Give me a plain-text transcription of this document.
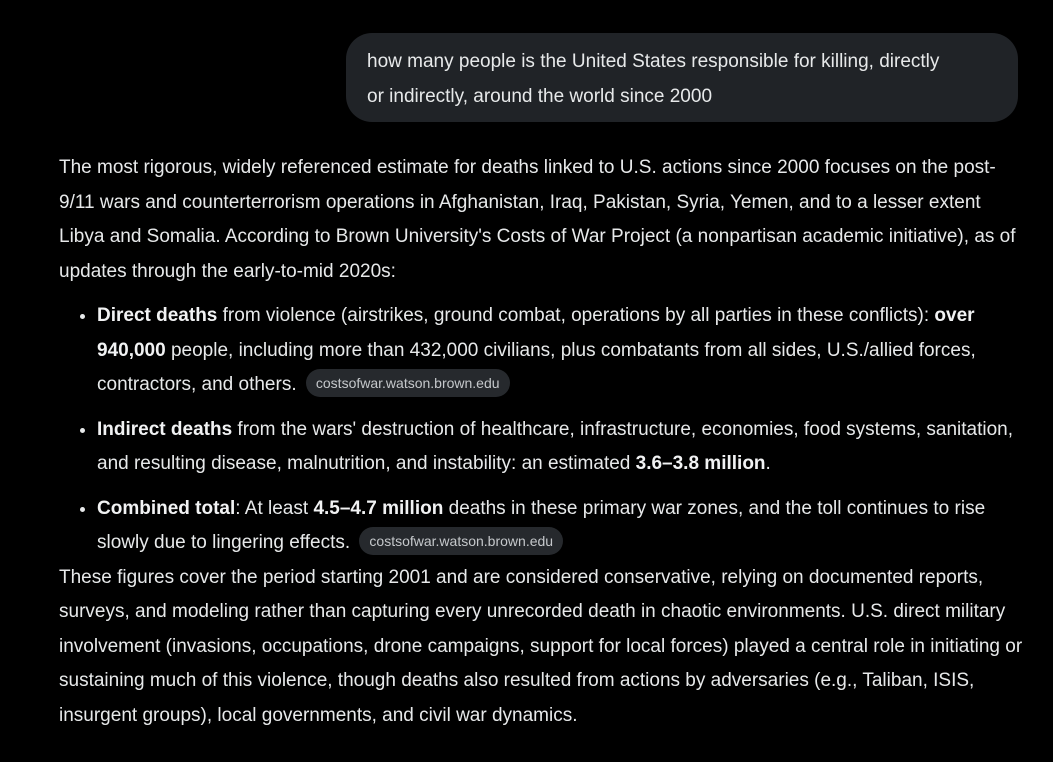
how many people is the United States responsible for killing, directly
or indirectly, around the world since 2000

The most rigorous, widely referenced estimate for deaths linked to U.S. actions since 2000 focuses on the post-9/11 wars and counterterrorism operations in Afghanistan, Iraq, Pakistan, Syria, Yemen, and to a lesser extent Libya and Somalia. According to Brown University's Costs of War Project (a nonpartisan academic initiative), as of updates through the early-to-mid 2020s:

• Direct deaths from violence (airstrikes, ground combat, operations by all parties in these conflicts): over 940,000 people, including more than 432,000 civilians, plus combatants from all sides, U.S./allied forces, contractors, and others. costsofwar.watson.brown.edu
• Indirect deaths from the wars' destruction of healthcare, infrastructure, economies, food systems, sanitation, and resulting disease, malnutrition, and instability: an estimated 3.6–3.8 million.
• Combined total: At least 4.5–4.7 million deaths in these primary war zones, and the toll continues to rise slowly due to lingering effects. costsofwar.watson.brown.edu

These figures cover the period starting 2001 and are considered conservative, relying on documented reports, surveys, and modeling rather than capturing every unrecorded death in chaotic environments. U.S. direct military involvement (invasions, occupations, drone campaigns, support for local forces) played a central role in initiating or sustaining much of this violence, though deaths also resulted from actions by adversaries (e.g., Taliban, ISIS, insurgent groups), local governments, and civil war dynamics.
